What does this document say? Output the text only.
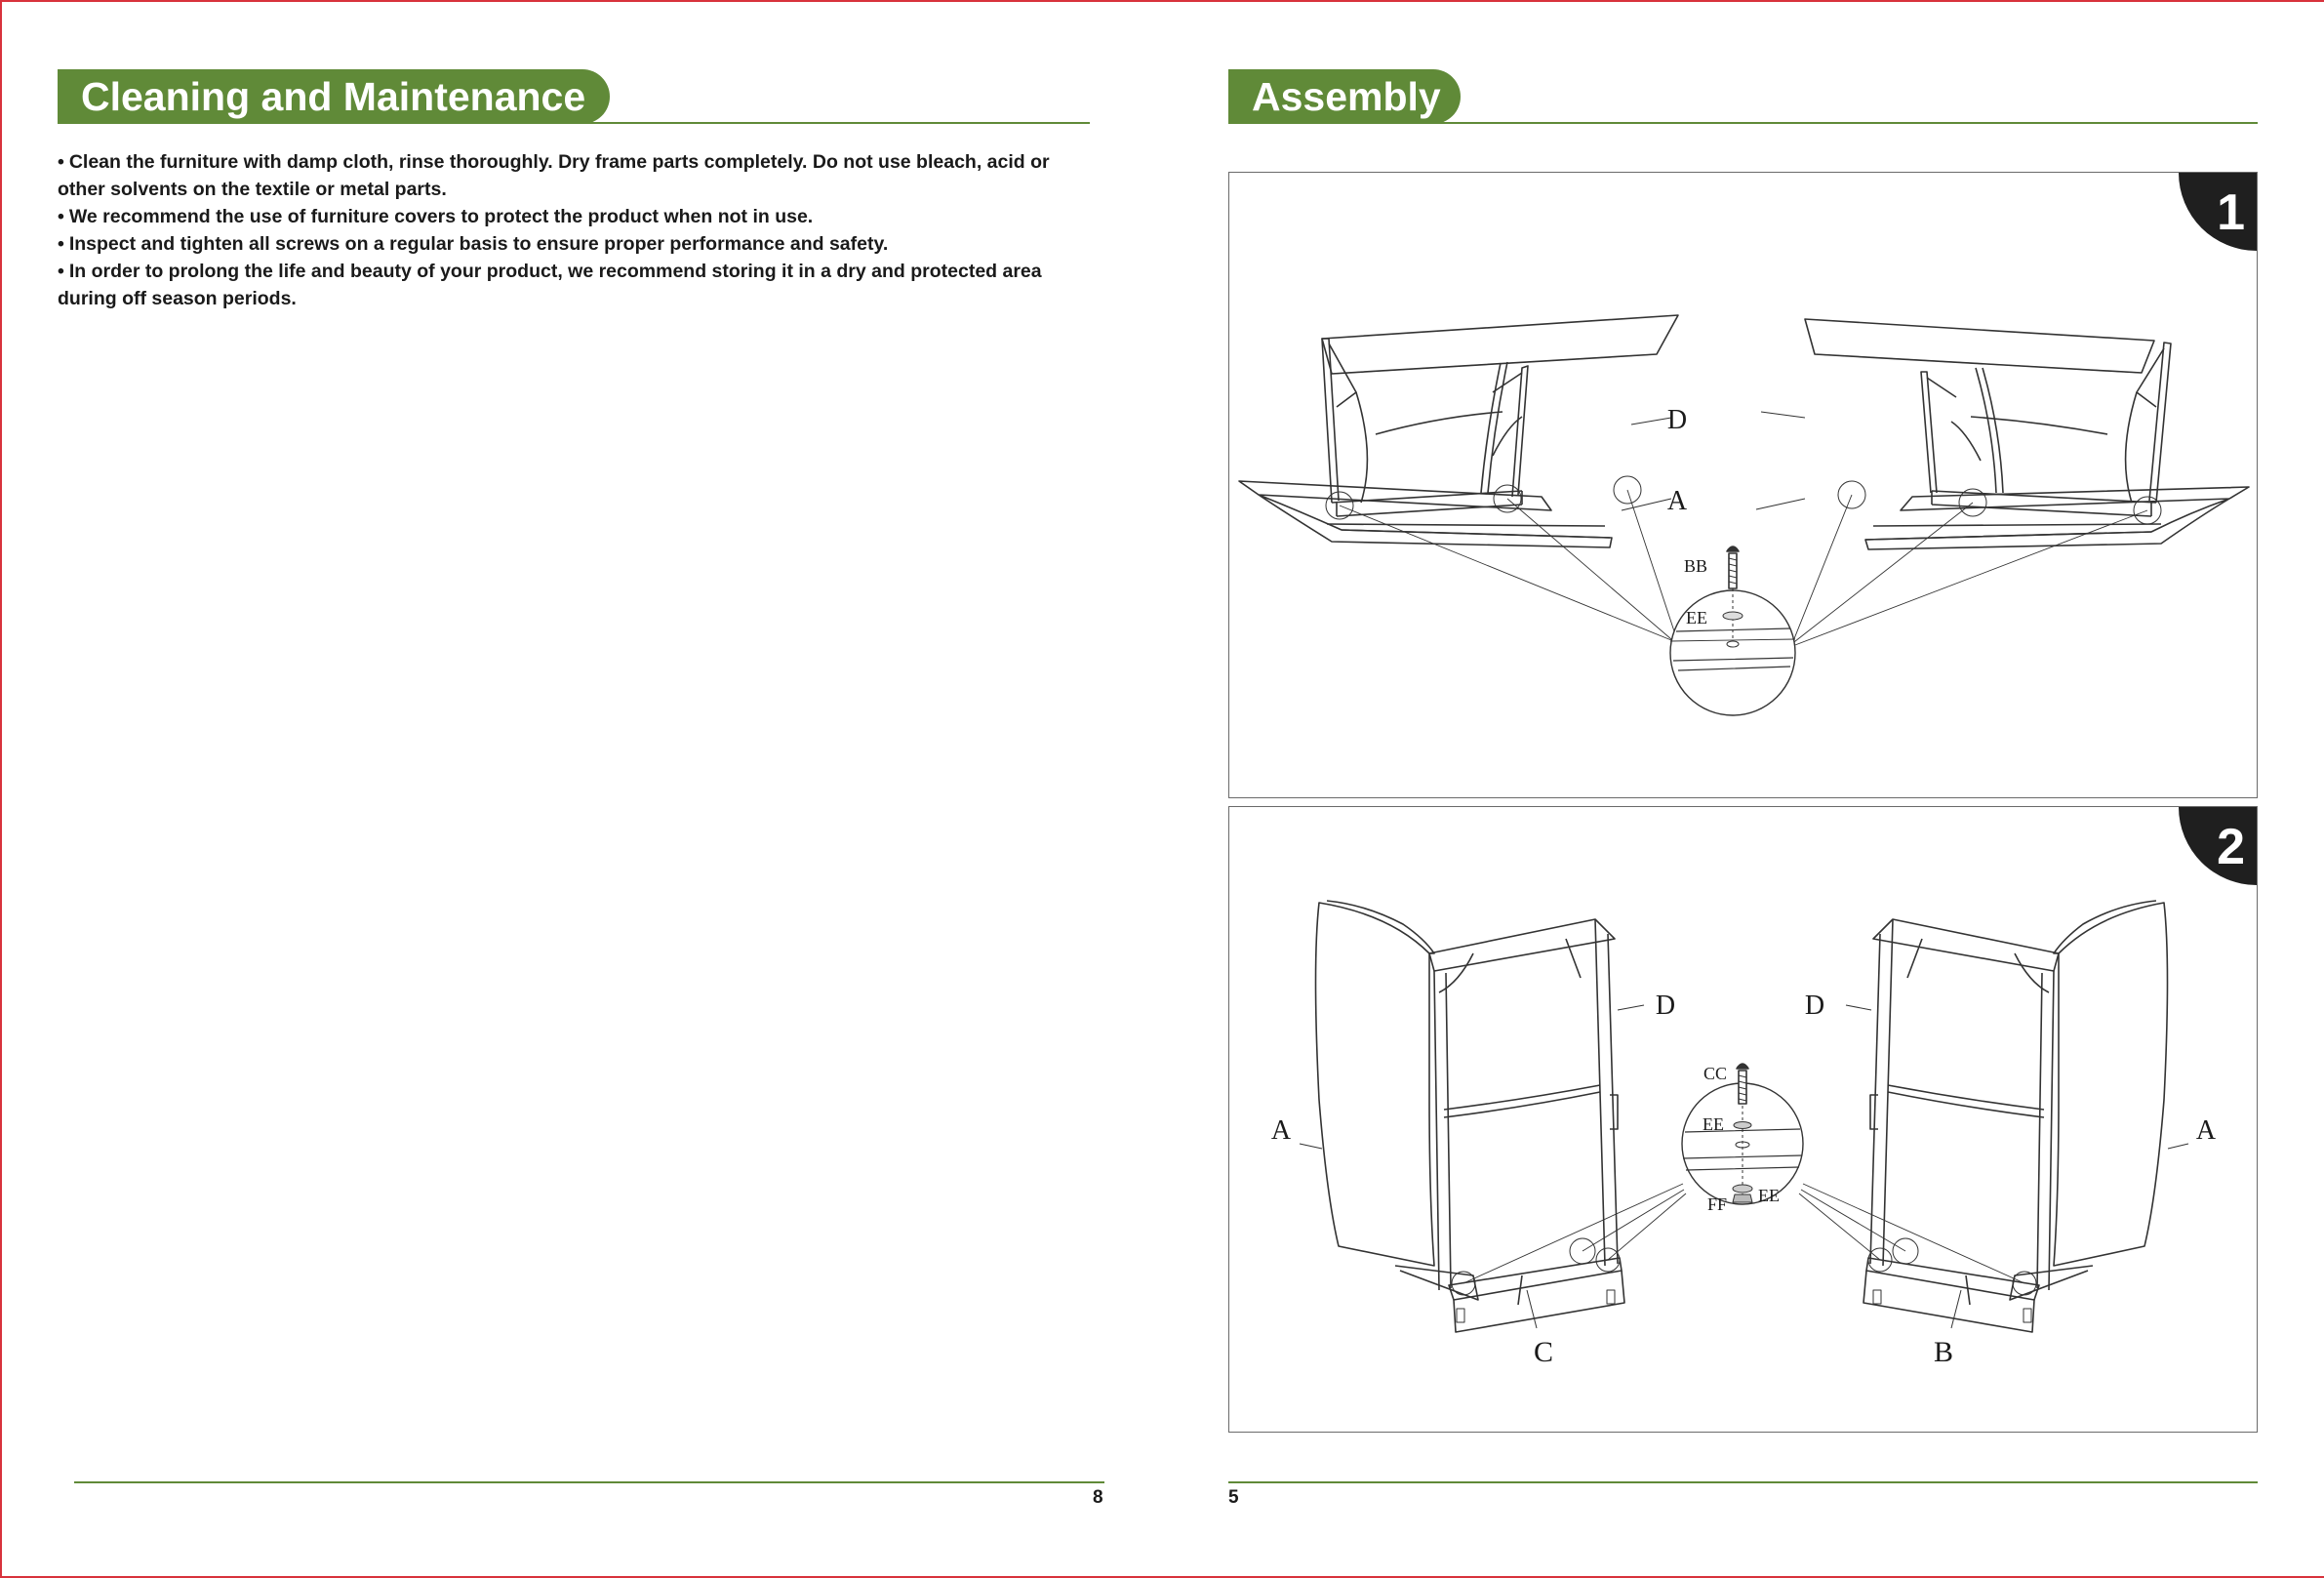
Cleaning and Maintenance
• Clean the furniture with damp cloth, rinse thoroughly. Dry frame parts completely. Do not use bleach, acid or other solvents on the textile or metal parts.
• We recommend the use of furniture covers to protect the product when not in use.
• Inspect and tighten all screws on a regular basis to ensure proper performance and safety.
• In order to prolong the life and beauty of your product, we recommend storing it in a dry and protected area during off season periods.
8
Assembly
1
D
A
BB
EE
2
D	D
A	A
C	B
CC
EE
FF EE
5
